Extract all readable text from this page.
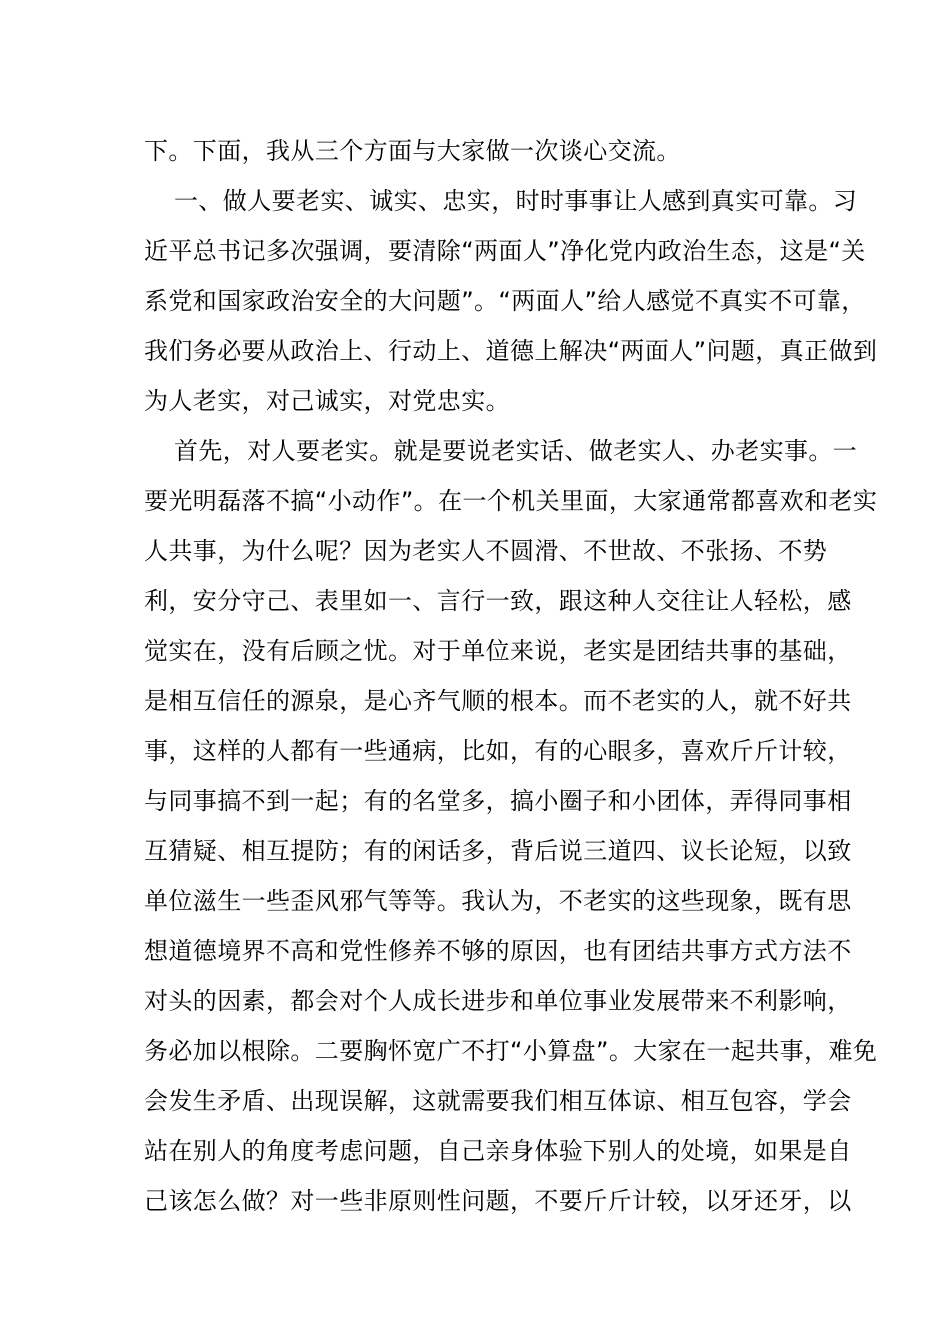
下。下面，我从三个方面与大家做一次谈心交流。
一、做人要老实、诚实、忠实，时时事事让人感到真实可靠。习
近平总书记多次强调，要清除“两面人”净化党内政治生态，这是“关
系党和国家政治安全的大问题”。“两面人”给人感觉不真实不可靠，
我们务必要从政治上、行动上、道德上解决“两面人”问题，真正做到
为人老实，对己诚实，对党忠实。
首先，对人要老实。就是要说老实话、做老实人、办老实事。一
要光明磊落不搞“小动作”。在一个机关里面，大家通常都喜欢和老实
人共事，为什么呢？因为老实人不圆滑、不世故、不张扬、不势
利，安分守己、表里如一、言行一致，跟这种人交往让人轻松，感
觉实在，没有后顾之忧。对于单位来说，老实是团结共事的基础，
是相互信任的源泉，是心齐气顺的根本。而不老实的人，就不好共
事，这样的人都有一些通病，比如，有的心眼多，喜欢斤斤计较，
与同事搞不到一起；有的名堂多，搞小圈子和小团体，弄得同事相
互猜疑、相互提防；有的闲话多，背后说三道四、议长论短，以致
单位滋生一些歪风邪气等等。我认为，不老实的这些现象，既有思
想道德境界不高和党性修养不够的原因，也有团结共事方式方法不
对头的因素，都会对个人成长进步和单位事业发展带来不利影响，
务必加以根除。二要胸怀宽广不打“小算盘”。大家在一起共事，难免
会发生矛盾、出现误解，这就需要我们相互体谅、相互包容，学会
站在别人的角度考虑问题，自己亲身体验下别人的处境，如果是自
己该怎么做？对一些非原则性问题，不要斤斤计较，以牙还牙，以
